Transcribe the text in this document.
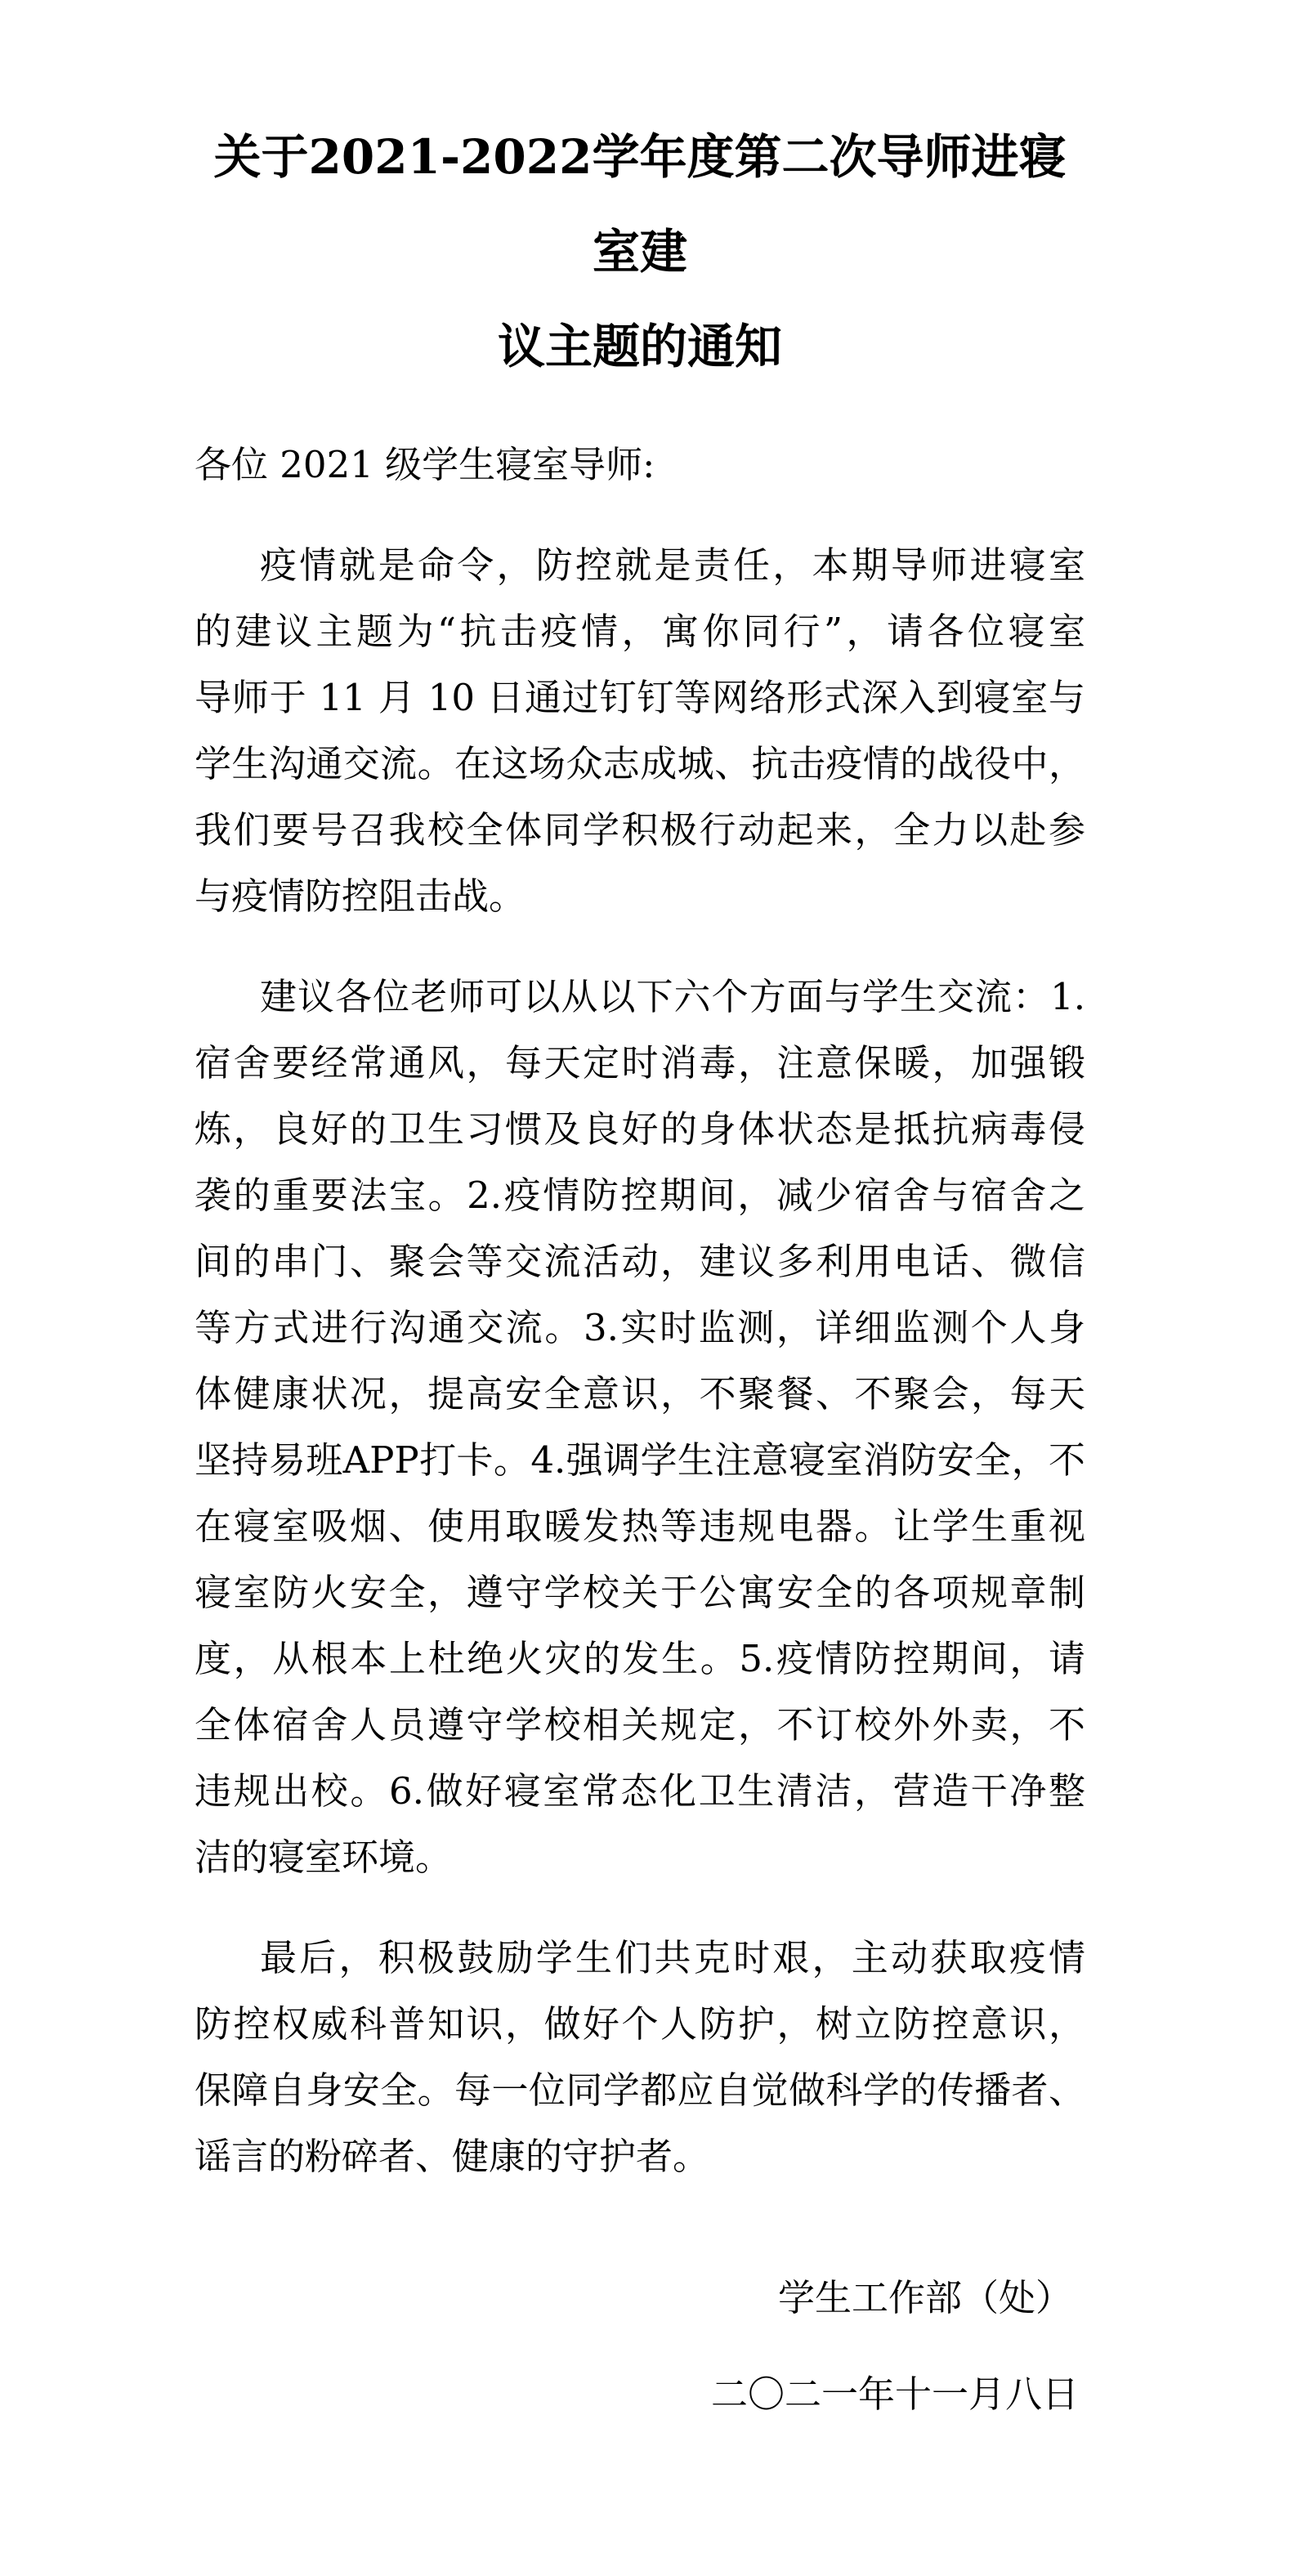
关于2021-2022学年度第二次导师进寝室建
议主题的通知
各位 2021 级学生寝室导师:
疫情就是命令，防控就是责任，本期导师进寝室
的建议主题为“抗击疫情，寓你同行”，请各位寝室
导师于 11 月 10 日通过钉钉等网络形式深入到寝室与
学生沟通交流。在这场众志成城、抗击疫情的战役中，
我们要号召我校全体同学积极行动起来，全力以赴参
与疫情防控阻击战。
建议各位老师可以从以下六个方面与学生交流：1.
宿舍要经常通风，每天定时消毒，注意保暖，加强锻
炼，良好的卫生习惯及良好的身体状态是抵抗病毒侵
袭的重要法宝。2.疫情防控期间，减少宿舍与宿舍之
间的串门、聚会等交流活动，建议多利用电话、微信
等方式进行沟通交流。3.实时监测，详细监测个人身
体健康状况，提高安全意识，不聚餐、不聚会，每天
坚持易班APP打卡。4.强调学生注意寝室消防安全，不
在寝室吸烟、使用取暖发热等违规电器。让学生重视
寝室防火安全，遵守学校关于公寓安全的各项规章制
度，从根本上杜绝火灾的发生。5.疫情防控期间，请
全体宿舍人员遵守学校相关规定，不订校外外卖，不
违规出校。6.做好寝室常态化卫生清洁，营造干净整
洁的寝室环境。
最后，积极鼓励学生们共克时艰，主动获取疫情
防控权威科普知识，做好个人防护，树立防控意识，
保障自身安全。每一位同学都应自觉做科学的传播者、
谣言的粉碎者、健康的守护者。
学生工作部（处）
二〇二一年十一月八日
